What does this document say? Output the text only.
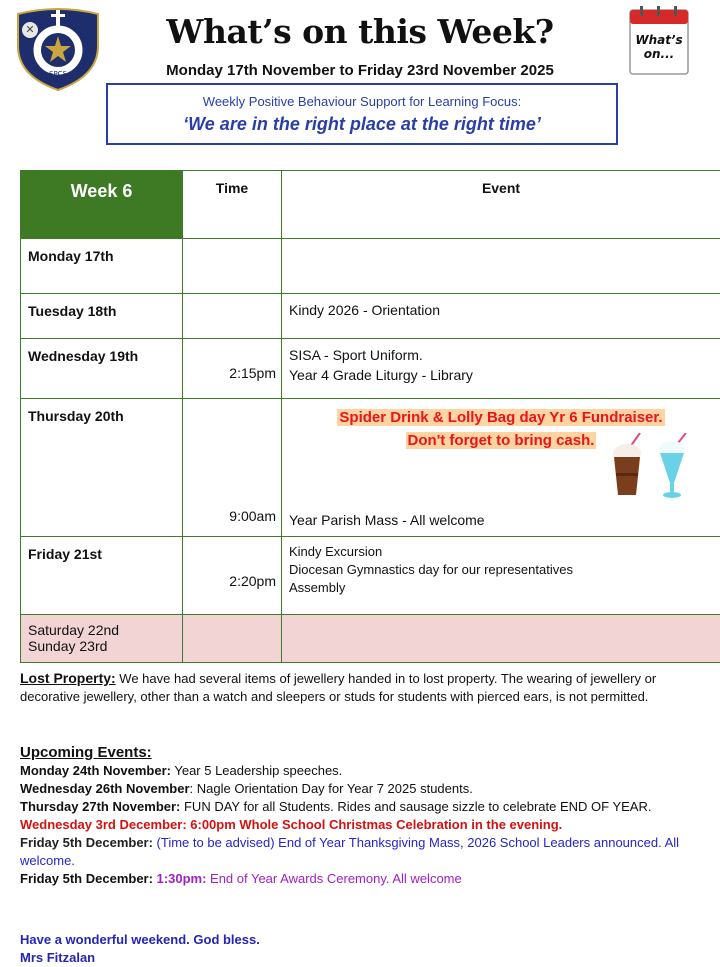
SPCS
✕	What’s on this Week?
Monday 17th November to Friday 23rd November 2025
What’s
on...
Weekly Positive Behaviour Support for Learning Focus:
‘We are in the right place at the right time’
Week 6	Time	Event

Monday 17th		
Tuesday 18th		Kindy 2026 - Orientation

Wednesday 19th	2:15pm	SISA - Sport Uniform.
Year 4 Grade Liturgy - Library

Thursday 20th	9:00am	Spider Drink & Lolly Bag day Yr 6 Fundraiser.
Don't forget to bring cash.
Year Parish Mass - All welcome

Friday 21st	2:20pm	Kindy Excursion
Diocesan Gymnastics day for our representatives
Assembly

Saturday 22nd
Sunday 23rd		

Lost Property: We have had several items of jewellery handed in to lost property. The wearing of jewellery or decorative jewellery, other than a watch and sleepers or studs for students with pierced ears, is not permitted.
Upcoming Events:
Monday 24th November: Year 5 Leadership speeches.
Wednesday 26th November: Nagle Orientation Day for Year 7 2025 students.
Thursday 27th November: FUN DAY for all Students. Rides and sausage sizzle to celebrate END OF YEAR.
Wednesday 3rd December: 6:00pm Whole School Christmas Celebration in the evening.
Friday 5th December: (Time to be advised) End of Year Thanksgiving Mass, 2026 School Leaders announced. All welcome.
Friday 5th December: 1:30pm: End of Year Awards Ceremony. All welcome
Have a wonderful weekend. God bless.
Mrs Fitzalan
